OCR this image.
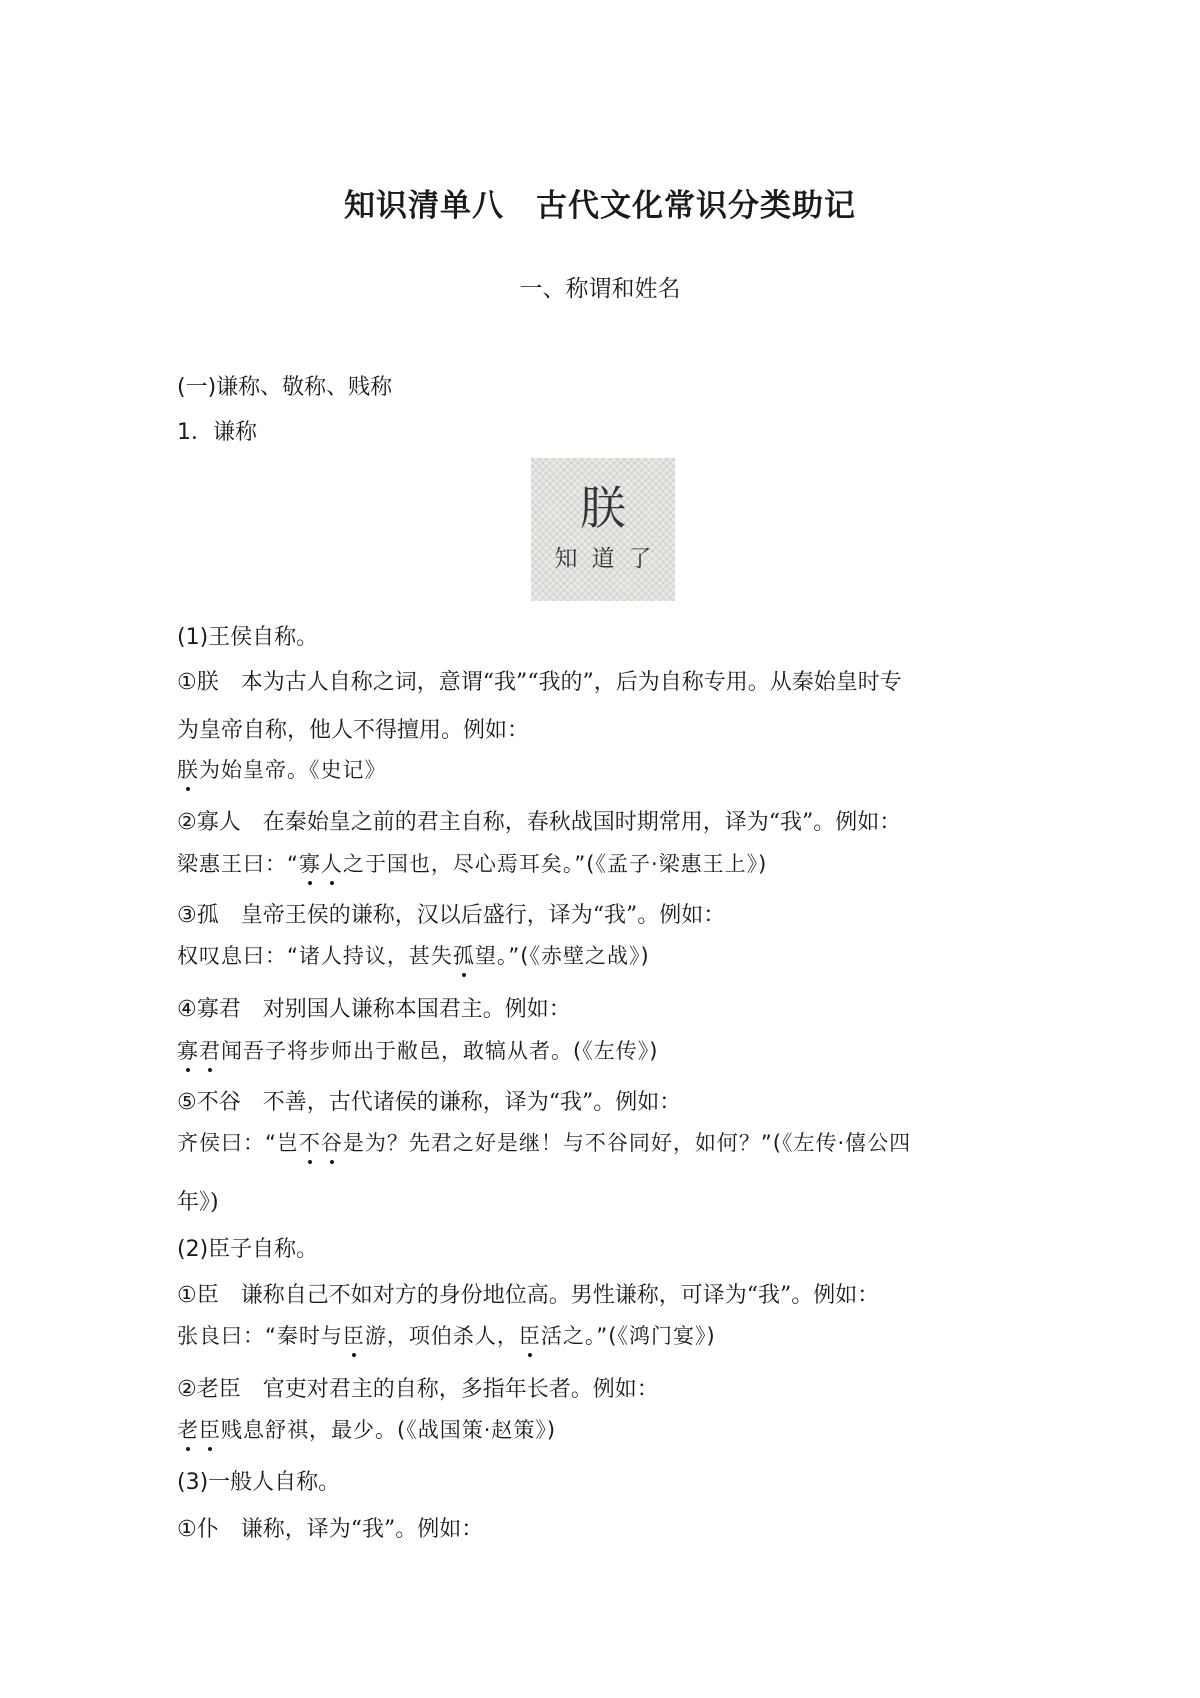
知识清单八　古代文化常识分类助记
一、称谓和姓名
(一)谦称、敬称、贱称
1．谦称
朕
知道了
(1)王侯自称。
①朕 本为古人自称之词，意谓“我”“我的”，后为自称专用。从秦始皇时专
为皇帝自称，他人不得擅用。例如：
朕为始皇帝。《史记》
②寡人 在秦始皇之前的君主自称，春秋战国时期常用，译为“我”。例如：
梁惠王曰：“寡人之于国也，尽心焉耳矣。”(《孟子·梁惠王上》)
③孤 皇帝王侯的谦称，汉以后盛行，译为“我”。例如：
权叹息曰：“诸人持议，甚失孤望。”(《赤壁之战》)
④寡君 对别国人谦称本国君主。例如：
寡君闻吾子将步师出于敝邑，敢犒从者。(《左传》)
⑤不谷 不善，古代诸侯的谦称，译为“我”。例如：
齐侯曰：“岂不谷是为？先君之好是继！与不谷同好，如何？”(《左传·僖公四
年》)
(2)臣子自称。
①臣 谦称自己不如对方的身份地位高。男性谦称，可译为“我”。例如：
张良曰：“秦时与臣游，项伯杀人，臣活之。”(《鸿门宴》)
②老臣 官吏对君主的自称，多指年长者。例如：
老臣贱息舒祺，最少。(《战国策·赵策》)
(3)一般人自称。
①仆 谦称，译为“我”。例如：
